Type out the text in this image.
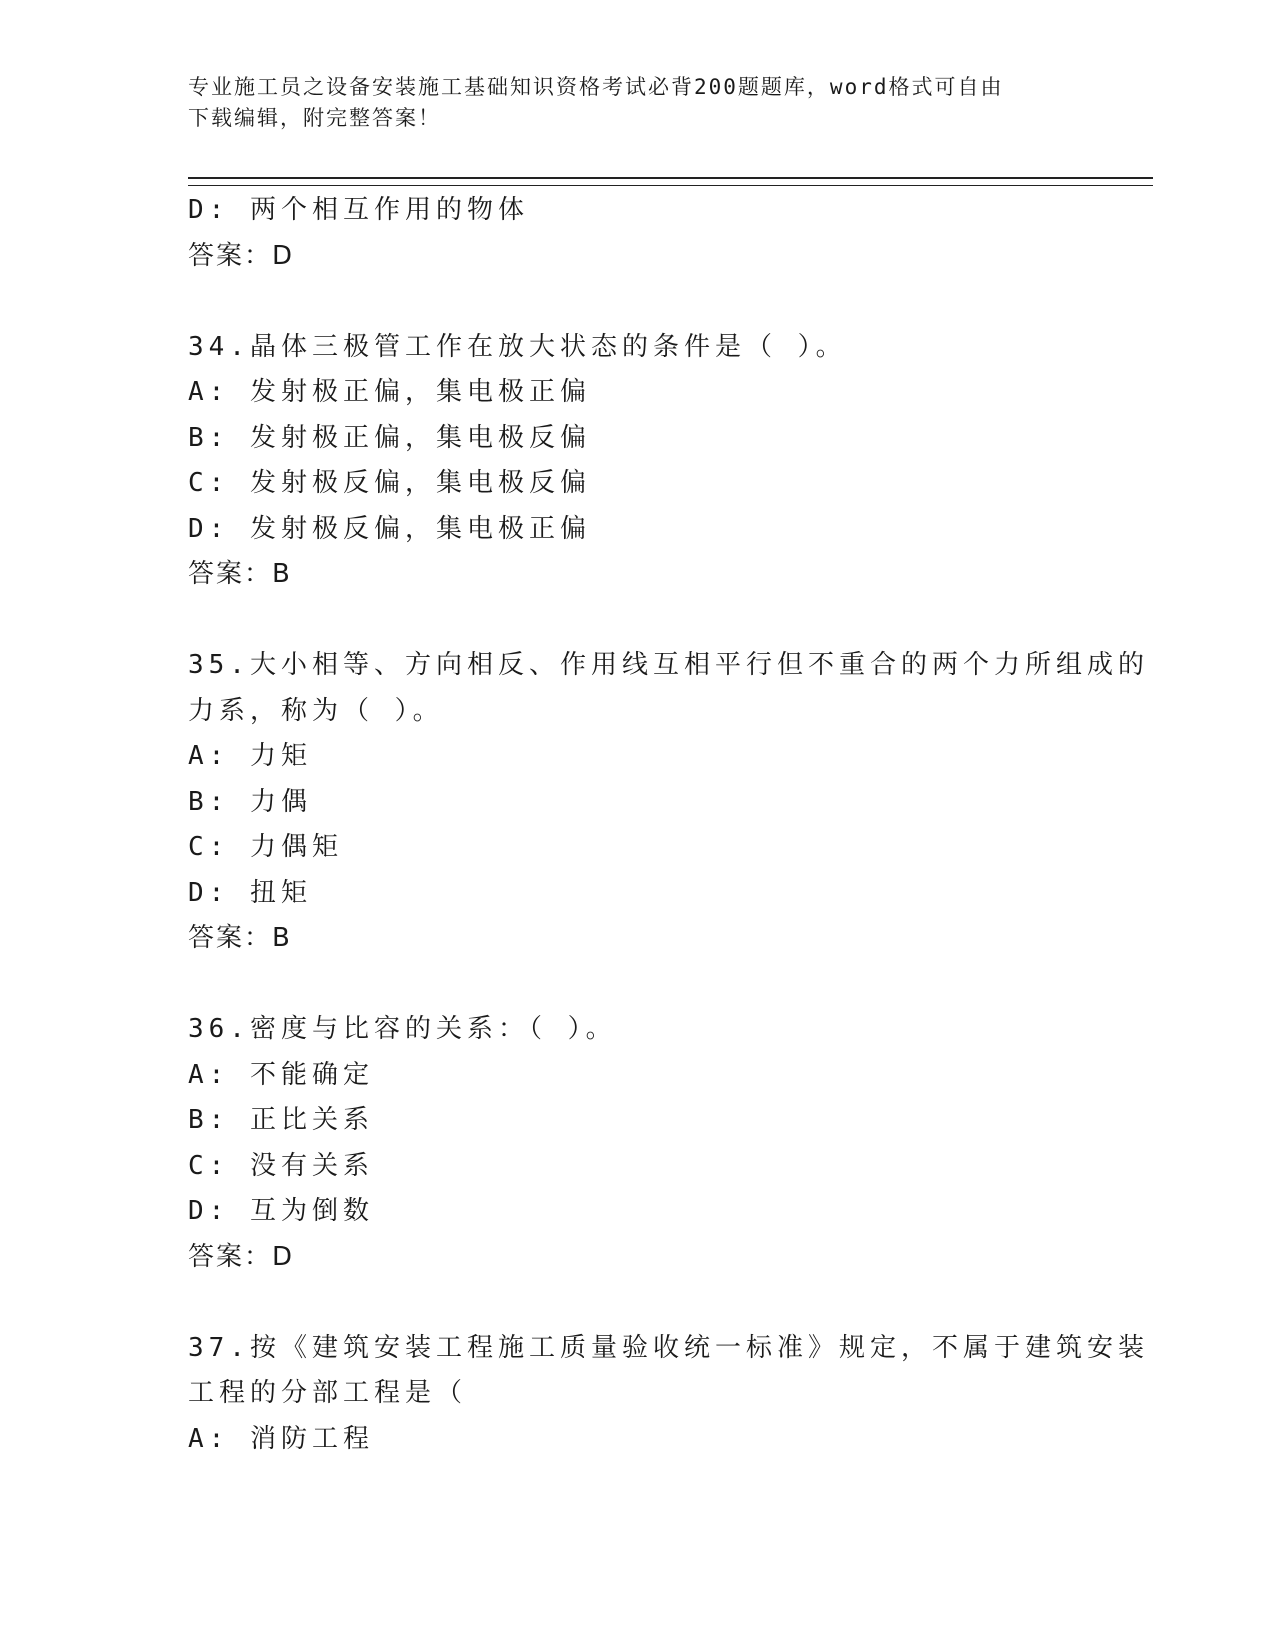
专业施工员之设备安装施工基础知识资格考试必背200题题库，word格式可自由
下载编辑，附完整答案！
D: 两个相互作用的物体
答案：D
34.晶体三极管工作在放大状态的条件是（ ）。
A: 发射极正偏，集电极正偏
B: 发射极正偏，集电极反偏
C: 发射极反偏，集电极反偏
D: 发射极反偏，集电极正偏
答案：B
35.大小相等、方向相反、作用线互相平行但不重合的两个力所组成的
力系，称为（ ）。
A: 力矩
B: 力偶
C: 力偶矩
D: 扭矩
答案：B
36.密度与比容的关系：（ ）。
A: 不能确定
B: 正比关系
C: 没有关系
D: 互为倒数
答案：D
37.按《建筑安装工程施工质量验收统一标准》规定，不属于建筑安装
工程的分部工程是（
A: 消防工程
